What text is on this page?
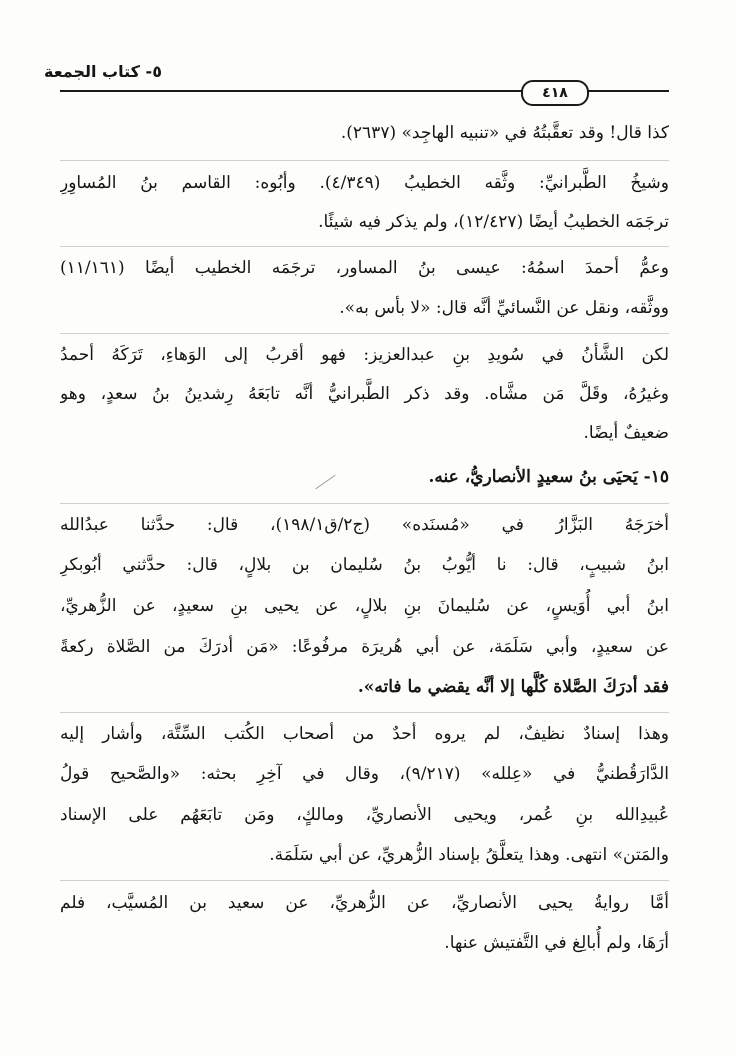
٥- كتاب الجمعة
٤١٨
كذا قال! وقد تعقَّبتُهُ في «تنبيه الهاجِد» (٢٦٣٧).
وشيخُ الطَّبرانيِّ: وثَّقه الخطيبُ (٤/٣٤٩). وأبُوه: القاسم بنُ المُساوِرِ
ترجَمَه الخطيبُ أيضًا (١٢/٤٢٧)، ولم يذكر فيه شيئًا.
وعمُّ أحمدَ اسمُهُ: عيسى بنُ المساور، ترجَمَه الخطيب أيضًا (١١/١٦١)
ووثَّقه، ونقل عن النَّسائيِّ أنَّه قال: «لا بأس به».
لكن الشَّأنُ في سُويدِ بنِ عبدالعزيز: فهو أقربُ إلى الوَهاءِ، تَرَكَهُ أحمدُ
وغيرُهُ، وقَلَّ مَن مشَّاه. وقد ذكر الطَّبرانيُّ أنَّه تابَعَهُ رِشدينُ بنُ سعدٍ، وهو
ضعيفٌ أيضًا.
١٥- يَحيَى بنُ سعيدٍ الأنصاريُّ، عنه.
أخرَجَهُ البَزَّارُ في «مُسنَده» (ج٢/ق١٩٨/١)، قال: حدَّثنا عبدُالله
ابنُ شبيبٍ، قال: نا أيُّوبُ بنُ سُليمان بن بلالٍ، قال: حدَّثني أبُوبكرِ
ابنُ أبي أُوَيسٍ، عن سُليمانَ بنِ بلالٍ، عن يحيى بنِ سعيدٍ، عن الزُّهريِّ،
عن سعيدٍ، وأبي سَلَمَة، عن أبي هُريرَة مرفُوعًا: «مَن أدرَكَ من الصَّلاة ركعةً
فقد أدرَكَ الصَّلاة كُلَّها إلا أنَّه يقضي ما فاته».
وهذا إسنادٌ نظيفٌ، لم يروه أحدٌ من أصحاب الكُتب السِّتَّة، وأشار إليه
الدَّارَقُطنيُّ في «عِلله» (٩/٢١٧)، وقال في آخِرِ بحثه: «والصَّحيح قولُ
عُبيدِالله بنِ عُمر، ويحيى الأنصاريِّ، ومالكٍ، ومَن تابَعَهُم على الإسناد
والمَتن» انتهى. وهذا يتعلَّقُ بإسناد الزُّهريِّ، عن أبي سَلَمَة.
أمَّا روايةُ يحيى الأنصاريِّ، عن الزُّهريِّ، عن سعيد بن المُسيَّب، فلم
أرَهَا، ولم أُبالِغ في التَّفتيش عنها.
